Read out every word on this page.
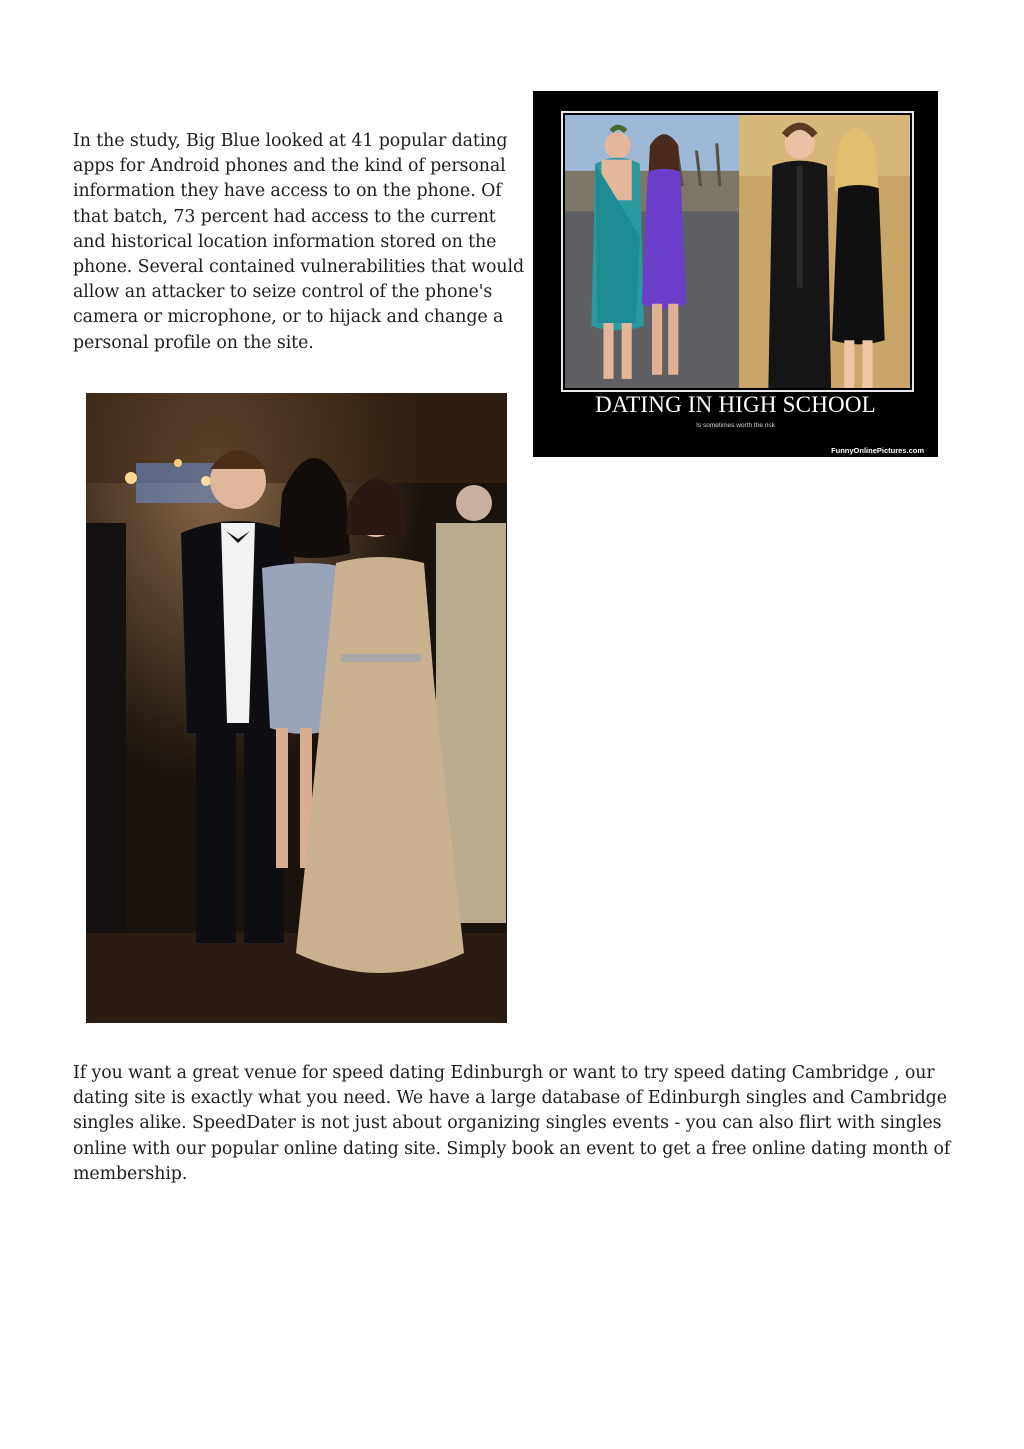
In the study, Big Blue looked at 41 popular dating apps for Android phones and the kind of personal information they have access to on the phone. Of that batch, 73 percent had access to the current and historical location information stored on the phone. Several contained vulnerabilities that would allow an attacker to seize control of the phone's camera or microphone, or to hijack and change a personal profile on the site.

DATING IN HIGH SCHOOL
Is sometimes worth the risk
FunnyOnlinePictures.com

If you want a great venue for speed dating Edinburgh or want to try speed dating Cambridge , our dating site is exactly what you need. We have a large database of Edinburgh singles and Cambridge singles alike. SpeedDater is not just about organizing singles events - you can also flirt with singles online with our popular online dating site. Simply book an event to get a free online dating month of membership.
